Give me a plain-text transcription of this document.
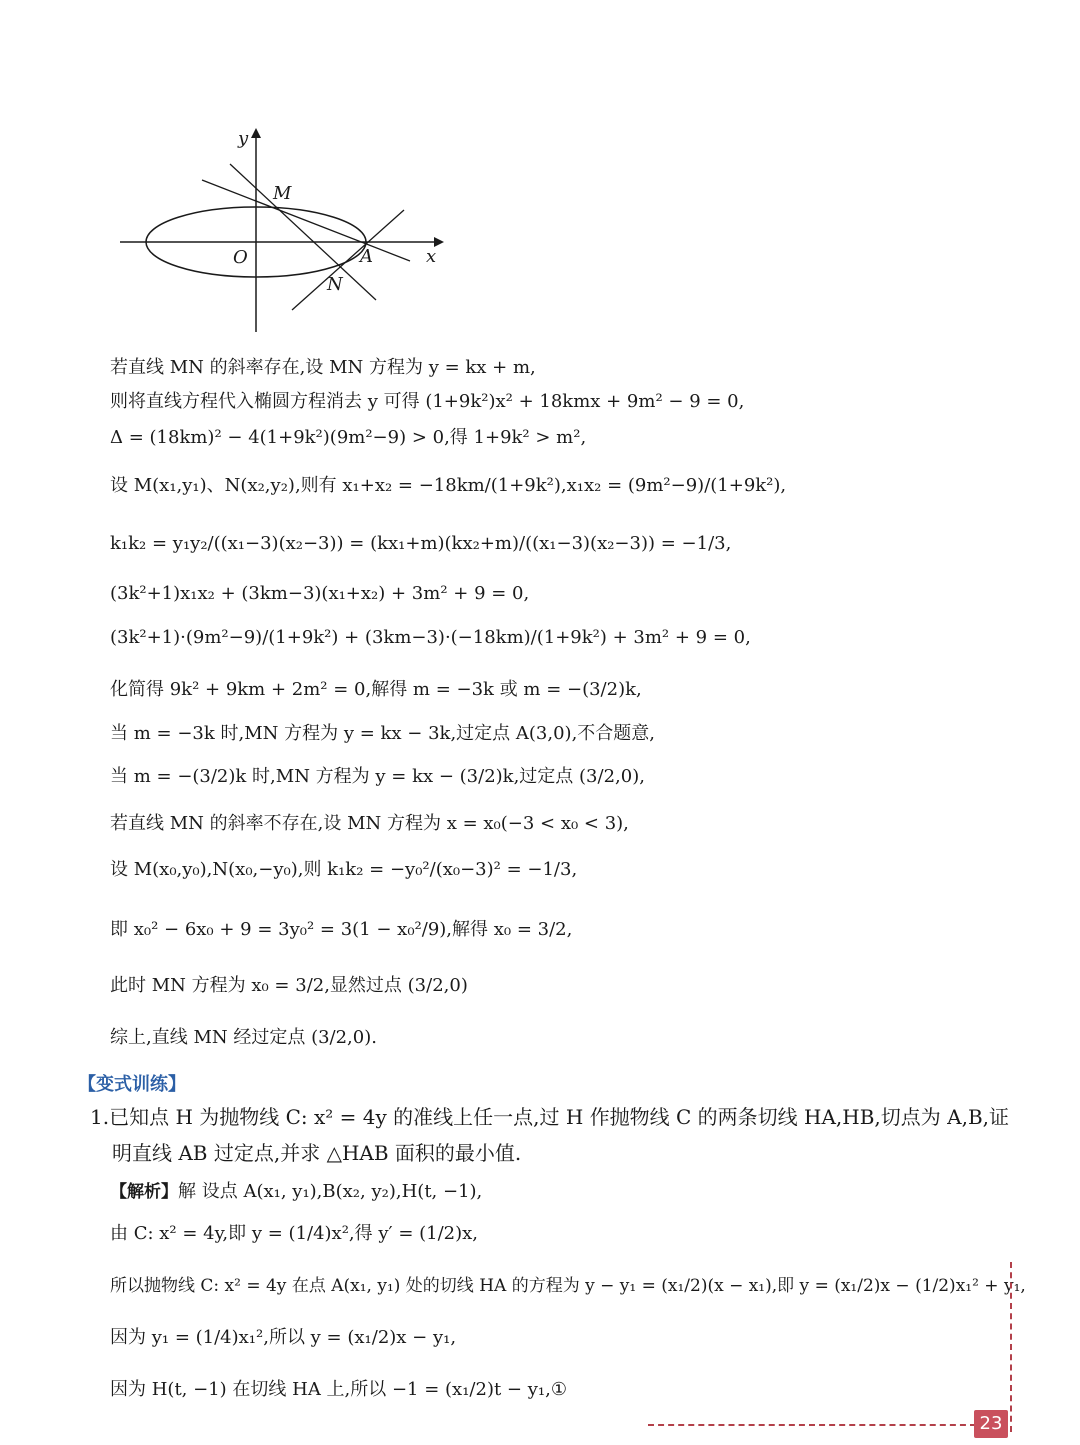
y
x
M
O	A
N
若直线 MN 的斜率存在,设 MN 方程为 y = kx + m,
则将直线方程代入椭圆方程消去 y 可得 (1+9k²)x² + 18kmx + 9m² − 9 = 0,
Δ = (18km)² − 4(1+9k²)(9m²−9) > 0,得 1+9k² > m²,
设 M(x₁,y₁)、N(x₂,y₂),则有 x₁+x₂ = −18km/(1+9k²),x₁x₂ = (9m²−9)/(1+9k²),
k₁k₂ = y₁y₂/((x₁−3)(x₂−3)) = (kx₁+m)(kx₂+m)/((x₁−3)(x₂−3)) = −1/3,
(3k²+1)x₁x₂ + (3km−3)(x₁+x₂) + 3m² + 9 = 0,
(3k²+1)·(9m²−9)/(1+9k²) + (3km−3)·(−18km)/(1+9k²) + 3m² + 9 = 0,
化简得 9k² + 9km + 2m² = 0,解得 m = −3k 或 m = −(3/2)k,
当 m = −3k 时,MN 方程为 y = kx − 3k,过定点 A(3,0),不合题意,
当 m = −(3/2)k 时,MN 方程为 y = kx − (3/2)k,过定点 (3/2,0),
若直线 MN 的斜率不存在,设 MN 方程为 x = x₀(−3 < x₀ < 3),
设 M(x₀,y₀),N(x₀,−y₀),则 k₁k₂ = −y₀²/(x₀−3)² = −1/3,
即 x₀² − 6x₀ + 9 = 3y₀² = 3(1 − x₀²/9),解得 x₀ = 3/2,
此时 MN 方程为 x₀ = 3/2,显然过点 (3/2,0)
综上,直线 MN 经过定点 (3/2,0).
【变式训练】
1.已知点 H 为抛物线 C: x² = 4y 的准线上任一点,过 H 作抛物线 C 的两条切线 HA,HB,切点为 A,B,证
明直线 AB 过定点,并求 △HAB 面积的最小值.
【解析】解 设点 A(x₁, y₁),B(x₂, y₂),H(t, −1),
由 C: x² = 4y,即 y = (1/4)x²,得 y′ = (1/2)x,
所以抛物线 C: x² = 4y 在点 A(x₁, y₁) 处的切线 HA 的方程为 y − y₁ = (x₁/2)(x − x₁),即 y = (x₁/2)x − (1/2)x₁² + y₁,
因为 y₁ = (1/4)x₁²,所以 y = (x₁/2)x − y₁,
因为 H(t, −1) 在切线 HA 上,所以 −1 = (x₁/2)t − y₁,①
23
